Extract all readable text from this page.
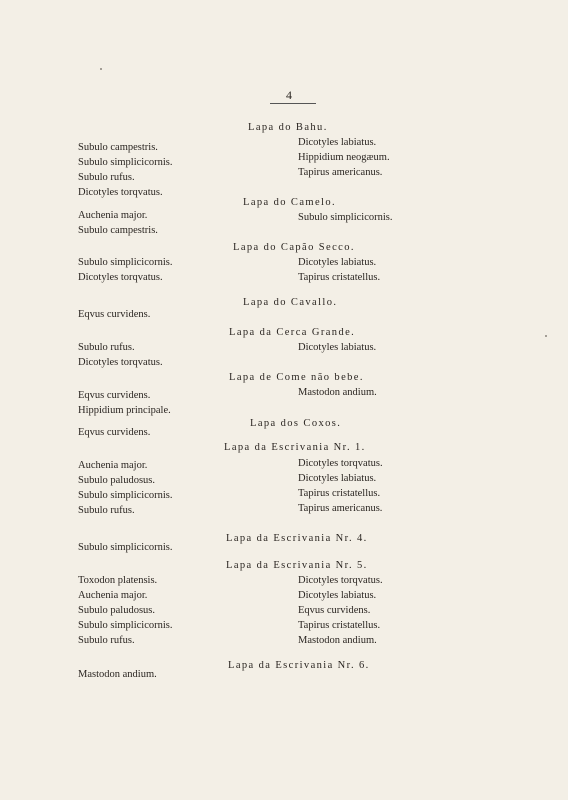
4
Subulo campestris.
Subulo simplicicornis.
Subulo rufus.
Dicotyles torqvatus.
Auchenia major.
Subulo campestris.
Subulo simplicicornis.
Dicotyles torqvatus.
Eqvus curvidens.
Subulo rufus.
Dicotyles torqvatus.
Eqvus curvidens.
Hippidium principale.
Eqvus curvidens.
Auchenia major.
Subulo paludosus.
Subulo simplicicornis.
Subulo rufus.
Subulo simplicicornis.
Toxodon platensis.
Auchenia major.
Subulo paludosus.
Subulo simplicicornis.
Subulo rufus.
Mastodon andium.
Lapa do Bahu.
Dicotyles labiatus.
Hippidium neogæum.
Tapirus americanus.
Lapa do Camelo.
Subulo simplicicornis.
Lapa do Capão Secco.
Dicotyles labiatus.
Tapirus cristatellus.
Lapa do Cavallo.
Lapa da Cerca Grande.
Dicotyles labiatus.
Lapa de Come não bebe.
Mastodon andium.
Lapa dos Coxos.
Lapa da Escrivania Nr. 1.
Dicotyles torqvatus.
Dicotyles labiatus.
Tapirus cristatellus.
Tapirus americanus.
Lapa da Escrivania Nr. 4.
Lapa da Escrivania Nr. 5.
Dicotyles torqvatus.
Dicotyles labiatus.
Eqvus curvidens.
Tapirus cristatellus.
Mastodon andium.
Lapa da Escrivania Nr. 6.
